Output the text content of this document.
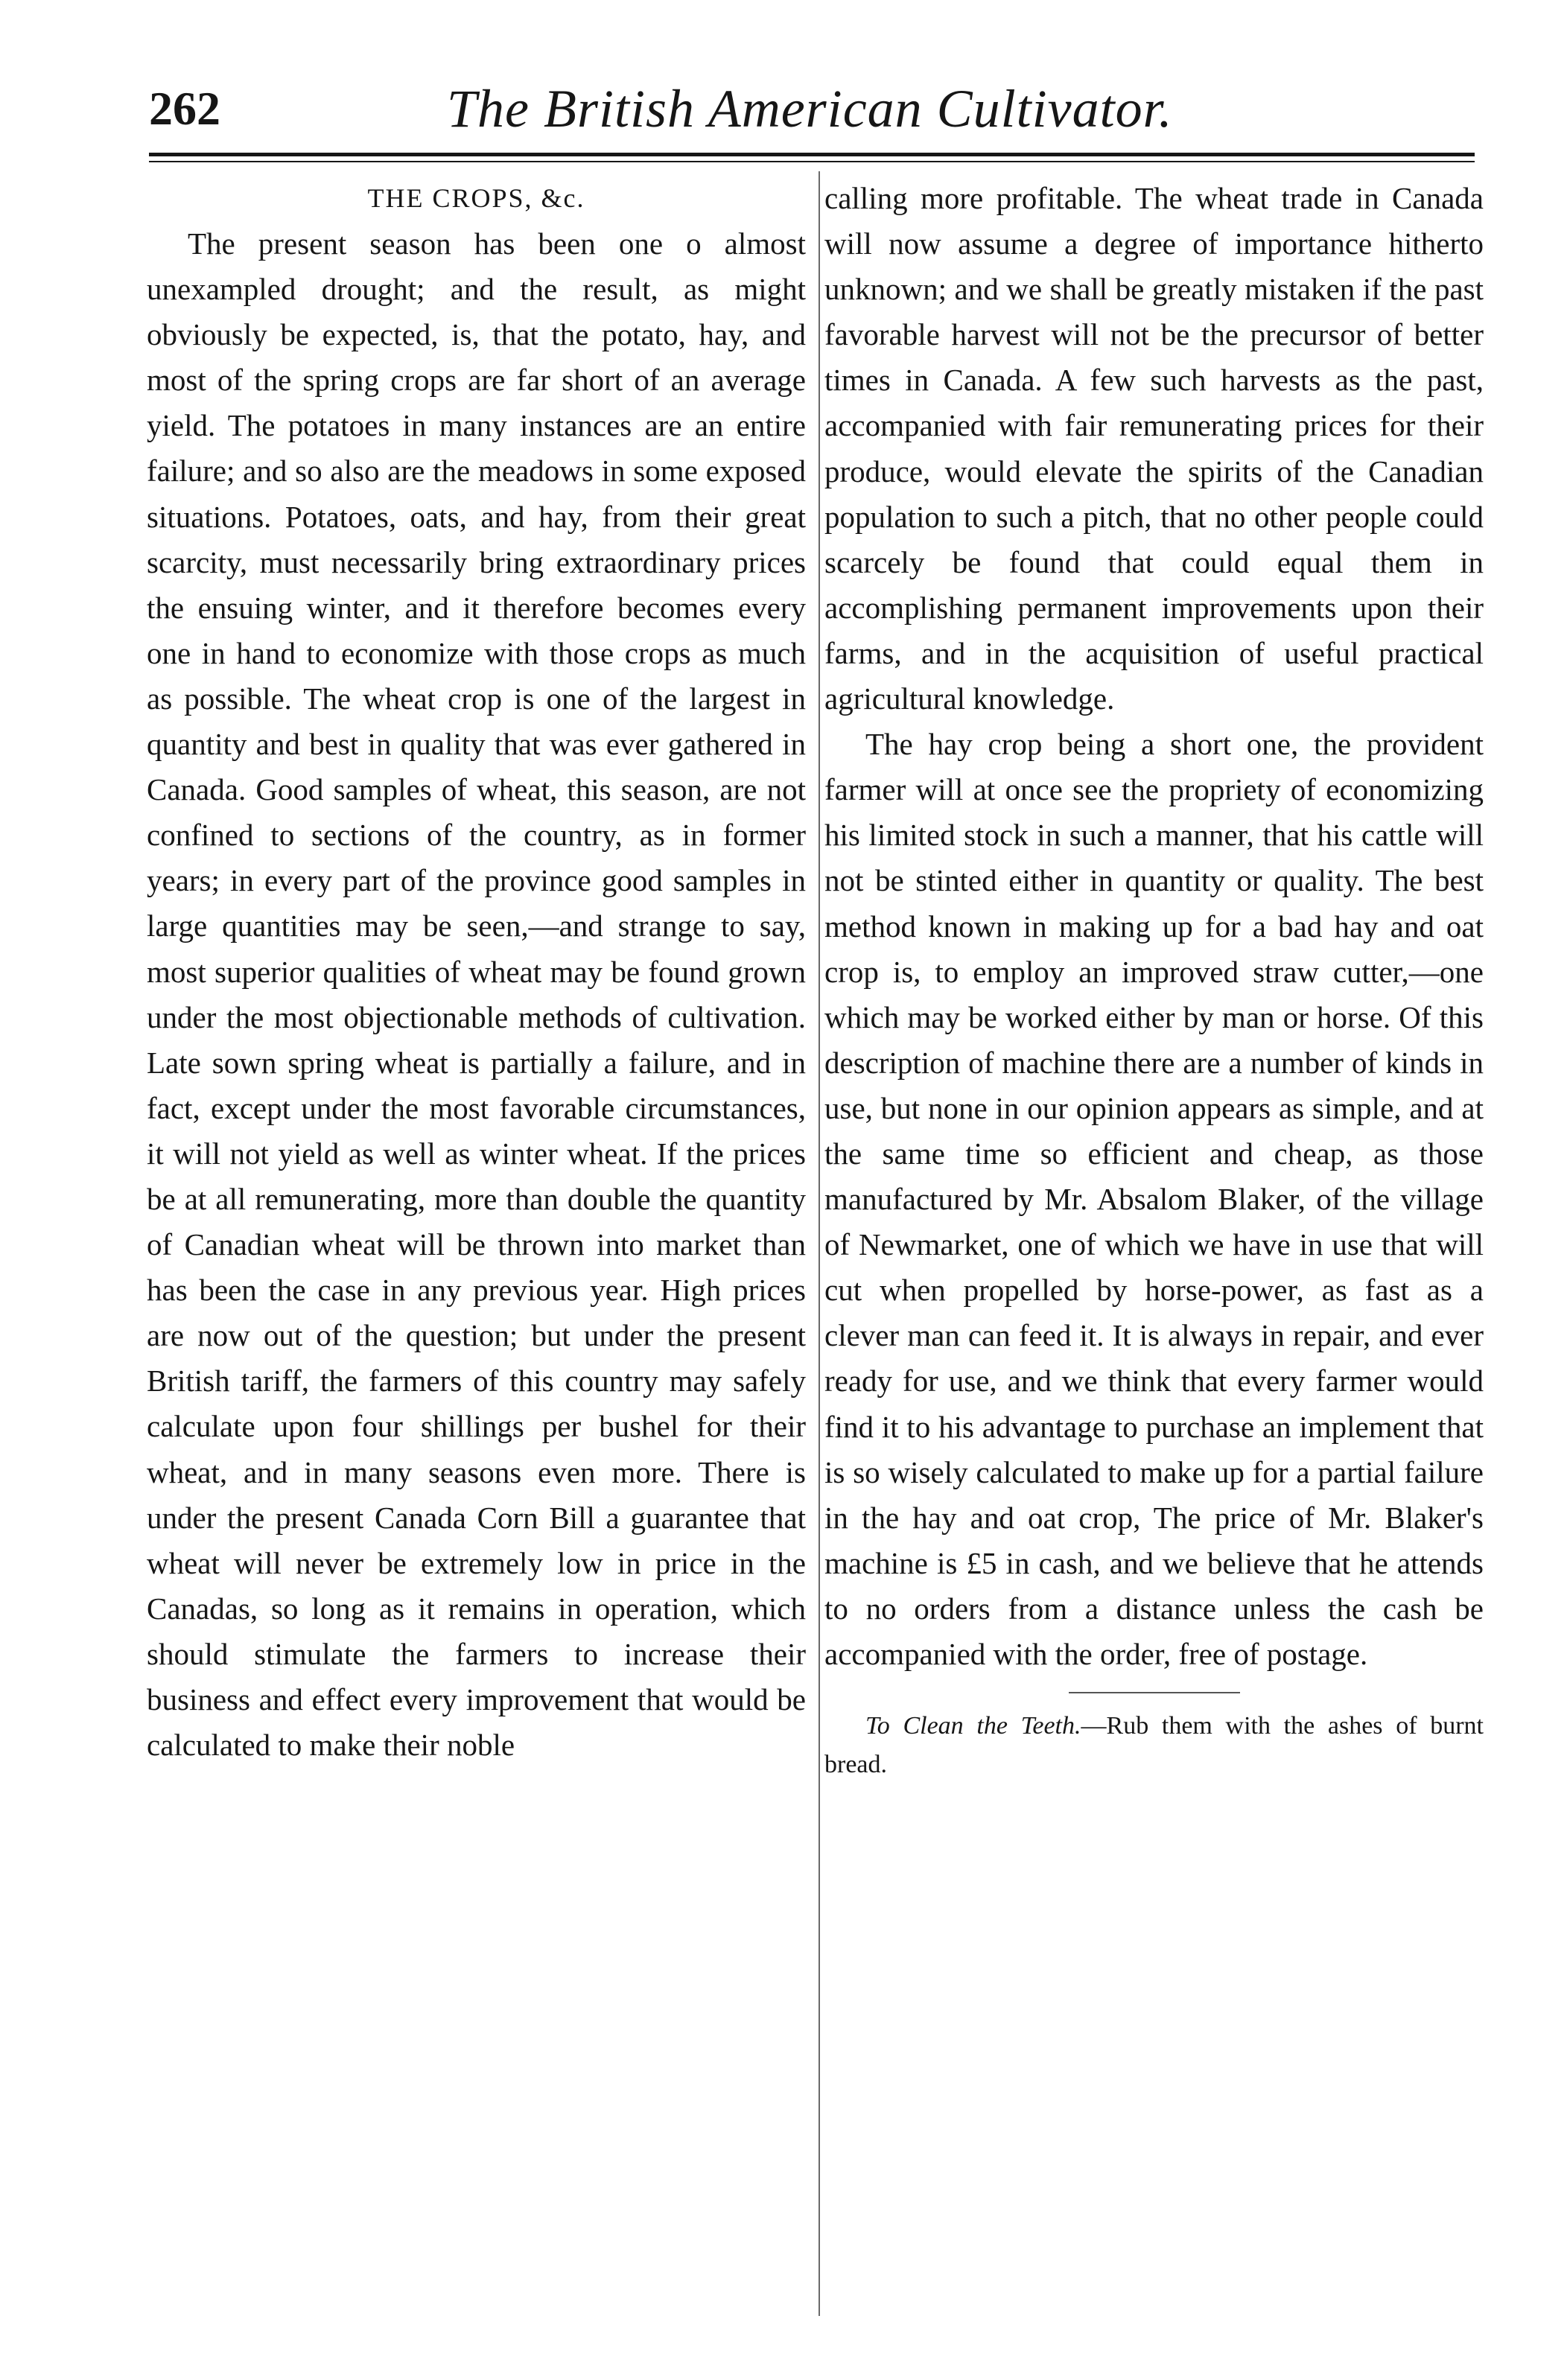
262	The British American Cultivator.

THE CROPS, &c.

The present season has been one o almost unexampled drought; and the result, as might obviously be expected, is, that the potato, hay, and most of the spring crops are far short of an average yield. The potatoes in many instances are an entire failure; and so also are the meadows in some exposed situations. Potatoes, oats, and hay, from their great scarcity, must necessarily bring extraordinary prices the ensuing winter, and it therefore becomes every one in hand to economize with those crops as much as possible. The wheat crop is one of the largest in quantity and best in quality that was ever gathered in Canada. Good samples of wheat, this season, are not confined to sections of the country, as in former years; in every part of the province good samples in large quantities may be seen,—and strange to say, most superior qualities of wheat may be found grown under the most objectionable methods of cultivation. Late sown spring wheat is partially a failure, and in fact, except under the most favorable circumstances, it will not yield as well as winter wheat. If the prices be at all remunerating, more than double the quantity of Canadian wheat will be thrown into market than has been the case in any previous year. High prices are now out of the question; but under the present British tariff, the farmers of this country may safely calculate upon four shillings per bushel for their wheat, and in many seasons even more. There is under the present Canada Corn Bill a guarantee that wheat will never be extremely low in price in the Canadas, so long as it remains in operation, which should stimulate the farmers to increase their business and effect every improvement that would be calculated to make their noble

calling more profitable. The wheat trade in Canada will now assume a degree of importance hitherto unknown; and we shall be greatly mistaken if the past favorable harvest will not be the precursor of better times in Canada. A few such harvests as the past, accompanied with fair remunerating prices for their produce, would elevate the spirits of the Canadian population to such a pitch, that no other people could scarcely be found that could equal them in accomplishing permanent improvements upon their farms, and in the acquisition of useful practical agricultural knowledge.

The hay crop being a short one, the provident farmer will at once see the propriety of economizing his limited stock in such a manner, that his cattle will not be stinted either in quantity or quality. The best method known in making up for a bad hay and oat crop is, to employ an improved straw cutter,—one which may be worked either by man or horse. Of this description of machine there are a number of kinds in use, but none in our opinion appears as simple, and at the same time so efficient and cheap, as those manufactured by Mr. Absalom Blaker, of the village of Newmarket, one of which we have in use that will cut when propelled by horse-power, as fast as a clever man can feed it. It is always in repair, and ever ready for use, and we think that every farmer would find it to his advantage to purchase an implement that is so wisely calculated to make up for a partial failure in the hay and oat crop, The price of Mr. Blaker's machine is £5 in cash, and we believe that he attends to no orders from a distance unless the cash be accompanied with the order, free of postage.

To Clean the Teeth.—Rub them with the ashes of burnt bread.
